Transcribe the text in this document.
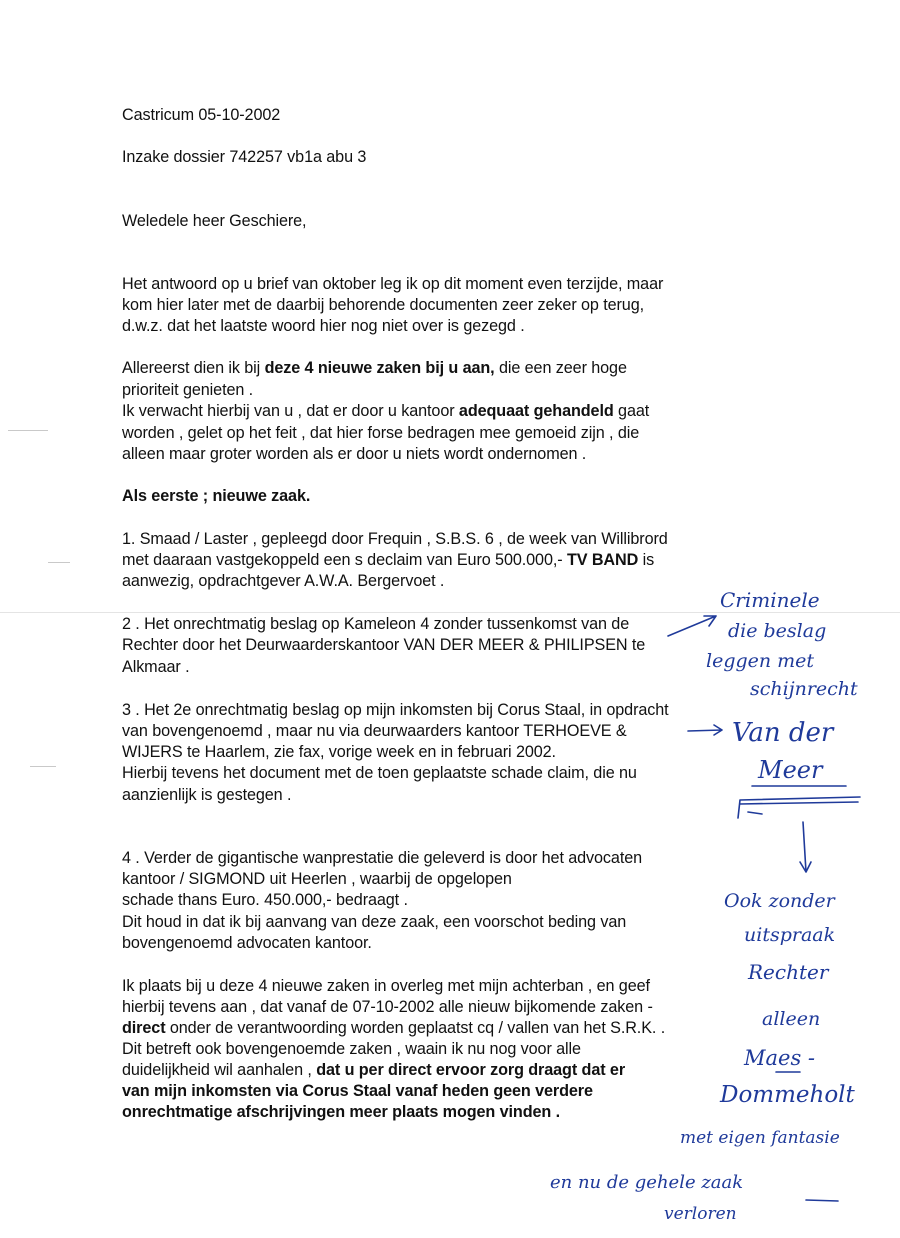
Castricum 05-10-2002
Inzake dossier 742257 vb1a abu 3
Weledele heer Geschiere,
Het antwoord op u brief van oktober leg ik op dit moment even terzijde, maar
kom hier later met de daarbij behorende documenten zeer zeker op terug,
d.w.z. dat het laatste woord hier nog niet over is gezegd .
Allereerst dien ik bij deze 4 nieuwe zaken bij u aan, die een zeer hoge
prioriteit genieten .
Ik verwacht hierbij van u , dat er door u kantoor adequaat gehandeld gaat
worden , gelet op het feit , dat hier forse bedragen mee gemoeid zijn , die
alleen maar groter worden als er door u niets wordt ondernomen .
Als eerste ; nieuwe zaak.
1. Smaad / Laster , gepleegd door Frequin , S.B.S. 6 , de week van Willibrord
met daaraan vastgekoppeld een s declaim van Euro 500.000,- TV BAND is
aanwezig, opdrachtgever A.W.A. Bergervoet .
2 . Het onrechtmatig beslag op Kameleon 4 zonder tussenkomst van de
Rechter door het Deurwaarderskantoor VAN DER MEER & PHILIPSEN te
Alkmaar .
3 . Het 2e onrechtmatig beslag op mijn inkomsten bij Corus Staal, in opdracht
van bovengenoemd , maar nu via deurwaarders kantoor TERHOEVE &
WIJERS te Haarlem, zie fax, vorige week en in februari 2002.
Hierbij tevens het document met de toen geplaatste schade claim, die nu
aanzienlijk is gestegen .
4 . Verder de gigantische wanprestatie die geleverd is door het advocaten
kantoor / SIGMOND uit Heerlen , waarbij de opgelopen
schade thans Euro. 450.000,- bedraagt .
Dit houd in dat ik bij aanvang van deze zaak, een voorschot beding van
bovengenoemd advocaten kantoor.
Ik plaats bij u deze 4 nieuwe zaken in overleg met mijn achterban , en geef
hierbij tevens aan , dat vanaf de 07-10-2002 alle nieuw bijkomende zaken -
direct onder de verantwoording worden geplaatst cq / vallen van het S.R.K. .
Dit betreft ook bovengenoemde zaken , waain ik nu nog voor alle
duidelijkheid wil aanhalen , dat u per direct ervoor zorg draagt dat er
van mijn inkomsten via Corus Staal vanaf heden geen verdere
onrechtmatige afschrijvingen meer plaats mogen vinden .
Criminele
die beslag
leggen met
schijnrecht
Van der
Meer
Ook zonder
uitspraak
Rechter
alleen
Maes -
Dommeholt
met eigen fantasie
en nu de gehele zaak
verloren
